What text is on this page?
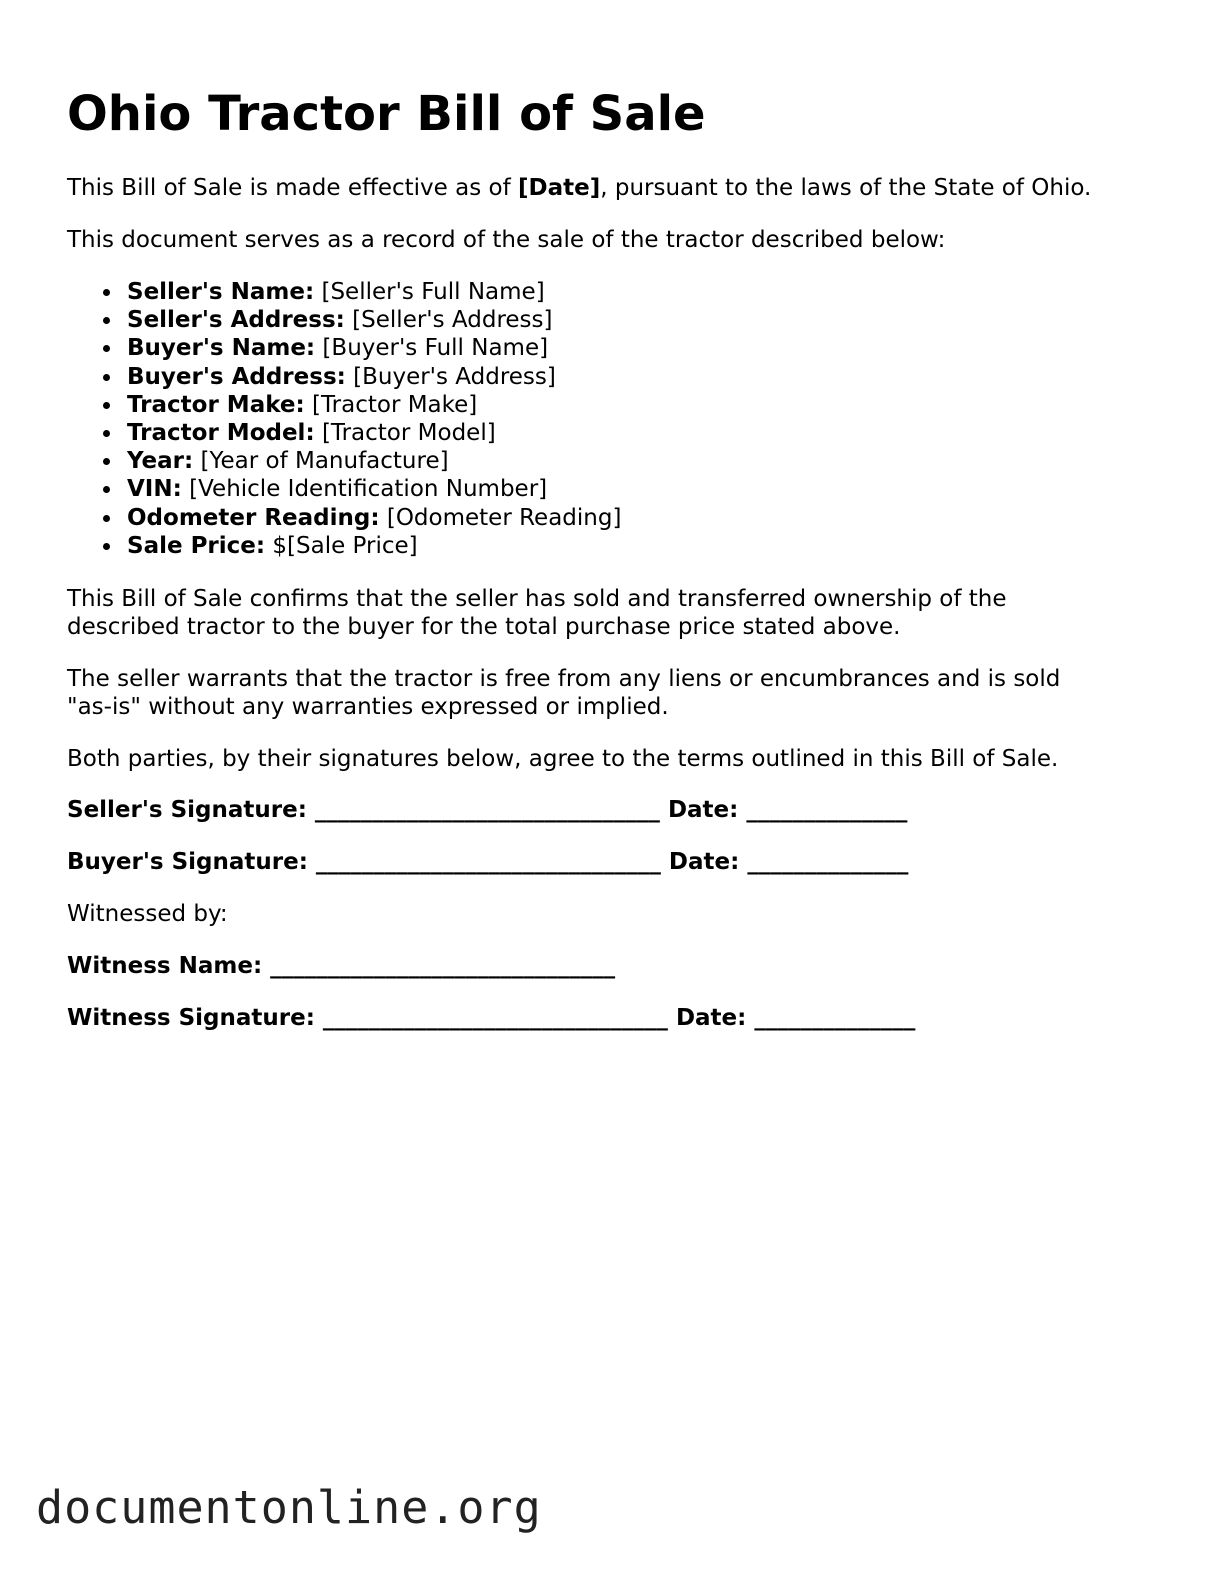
Ohio Tractor Bill of Sale

This Bill of Sale is made effective as of [Date], pursuant to the laws of the State of Ohio.

This document serves as a record of the sale of the tractor described below:

Seller's Name: [Seller's Full Name]
Seller's Address: [Seller's Address]
Buyer's Name: [Buyer's Full Name]
Buyer's Address: [Buyer's Address]
Tractor Make: [Tractor Make]
Tractor Model: [Tractor Model]
Year: [Year of Manufacture]
VIN: [Vehicle Identification Number]
Odometer Reading: [Odometer Reading]
Sale Price: $[Sale Price]

This Bill of Sale confirms that the seller has sold and transferred ownership of the

described tractor to the buyer for the total purchase price stated above.

The seller warrants that the tractor is free from any liens or encumbrances and is sold

"as-is" without any warranties expressed or implied.

Both parties, by their signatures below, agree to the terms outlined in this Bill of Sale.

Seller's Signature: ______________________________ Date: ______________

Buyer's Signature: ______________________________ Date: ______________

Witnessed by:

Witness Name: ______________________________

Witness Signature: ______________________________ Date: ______________

documentonline.org
